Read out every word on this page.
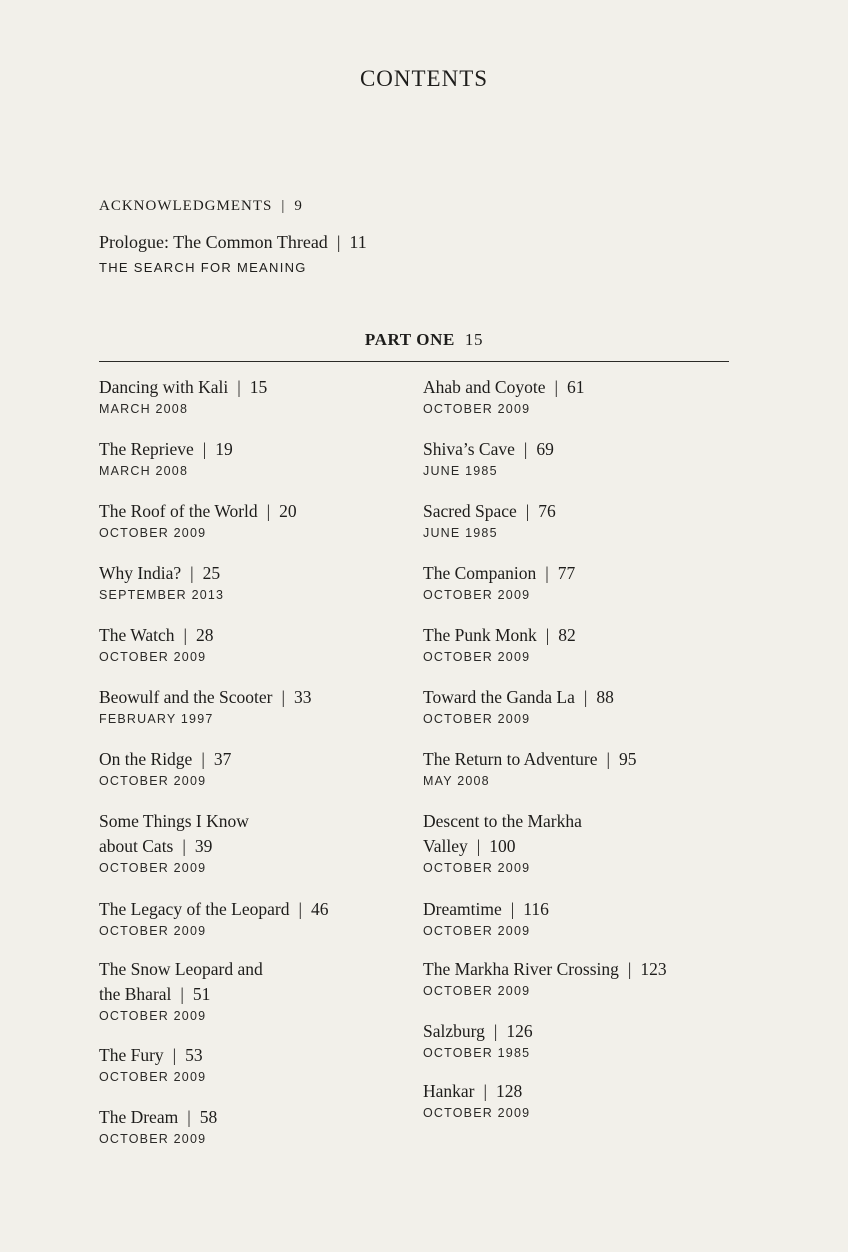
CONTENTS
ACKNOWLEDGMENTS | 9
Prologue: The Common Thread | 11
THE SEARCH FOR MEANING
PART ONE 15
Dancing with Kali | 15
MARCH 2008
The Reprieve | 19
MARCH 2008
The Roof of the World | 20
OCTOBER 2009
Why India? | 25
SEPTEMBER 2013
The Watch | 28
OCTOBER 2009
Beowulf and the Scooter | 33
FEBRUARY 1997
On the Ridge | 37
OCTOBER 2009
Some Things I Know
about Cats | 39
OCTOBER 2009
The Legacy of the Leopard | 46
OCTOBER 2009
The Snow Leopard and
the Bharal | 51
OCTOBER 2009
The Fury | 53
OCTOBER 2009
The Dream | 58
OCTOBER 2009
Ahab and Coyote | 61
OCTOBER 2009
Shiva’s Cave | 69
JUNE 1985
Sacred Space | 76
JUNE 1985
The Companion | 77
OCTOBER 2009
The Punk Monk | 82
OCTOBER 2009
Toward the Ganda La | 88
OCTOBER 2009
The Return to Adventure | 95
MAY 2008
Descent to the Markha
Valley | 100
OCTOBER 2009
Dreamtime | 116
OCTOBER 2009
The Markha River Crossing | 123
OCTOBER 2009
Salzburg | 126
OCTOBER 1985
Hankar | 128
OCTOBER 2009
